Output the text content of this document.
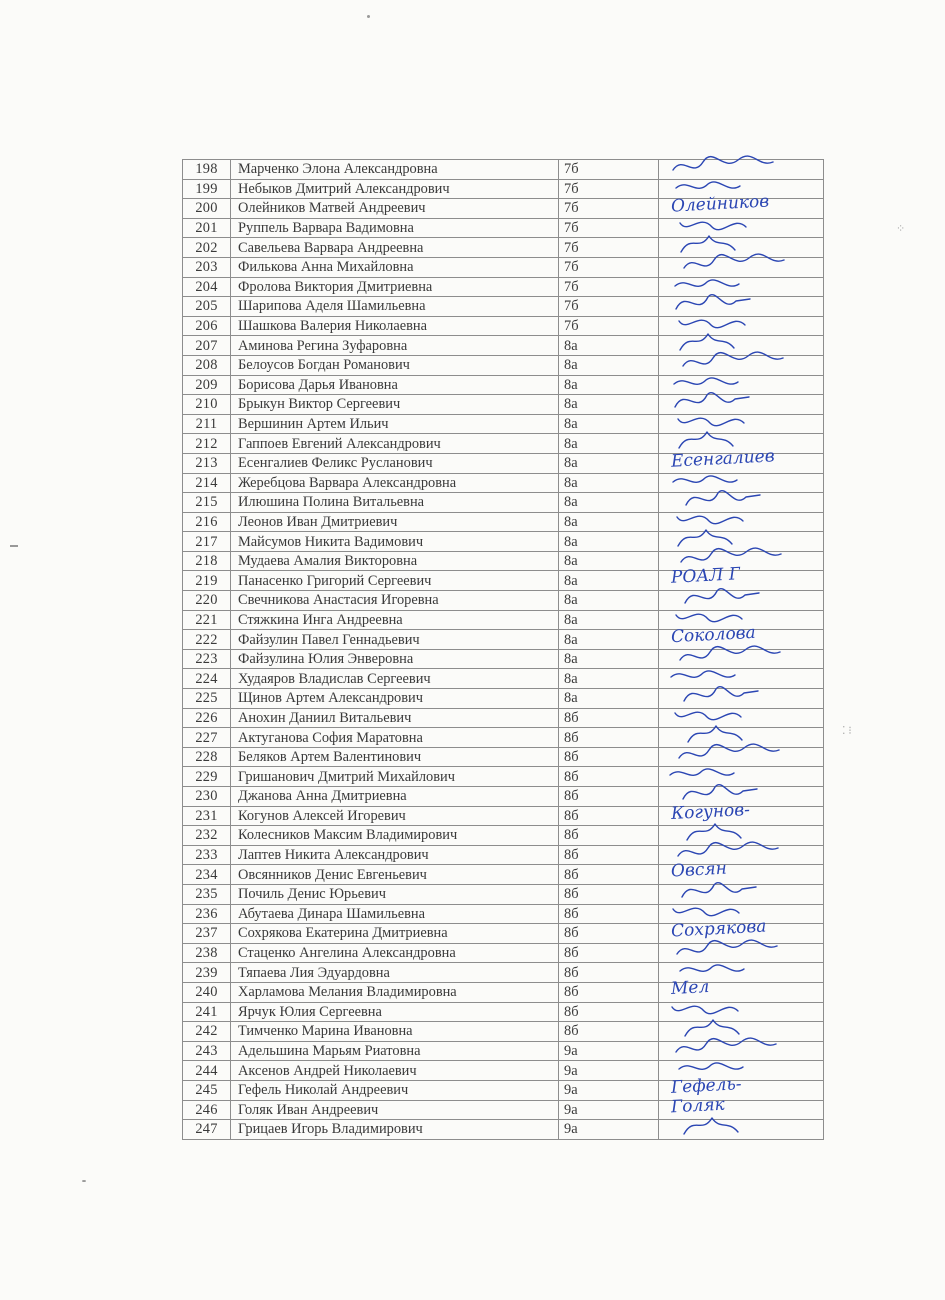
198	Марченко Элона Александровна	7б	

199	Небыков Дмитрий Александрович	7б	

200	Олейников Матвей Андреевич	7б	Олейников

201	Руппель Варвара Вадимовна	7б	

202	Савельева Варвара Андреевна	7б	

203	Филькова Анна Михайловна	7б	

204	Фролова Виктория Дмитриевна	7б	

205	Шарипова Аделя Шамильевна	7б	

206	Шашкова Валерия Николаевна	7б	

207	Аминова Регина Зуфаровна	8а	

208	Белоусов Богдан Романович	8а	

209	Борисова Дарья Ивановна	8а	

210	Брыкун Виктор Сергеевич	8а	

211	Вершинин Артем Ильич	8а	

212	Гаппоев Евгений Александрович	8а	

213	Есенгалиев Феликс Русланович	8а	Есенгалиев

214	Жеребцова Варвара Александровна	8а	

215	Илюшина Полина Витальевна	8а	

216	Леонов Иван Дмитриевич	8а	

217	Майсумов Никита Вадимович	8а	

218	Мудаева Амалия Викторовна	8а	

219	Панасенко Григорий Сергеевич	8а	РОАЛ Г

220	Свечникова Анастасия Игоревна	8а	

221	Стяжкина Инга Андреевна	8а	

222	Файзулин Павел Геннадьевич	8а	Соколова

223	Файзулина Юлия Энверовна	8а	

224	Худаяров Владислав Сергеевич	8а	

225	Щинов Артем Александрович	8а	

226	Анохин Даниил Витальевич	8б	

227	Актуганова София Маратовна	8б	

228	Беляков Артем Валентинович	8б	

229	Гришанович Дмитрий Михайлович	8б	

230	Джанова Анна Дмитриевна	8б	

231	Когунов Алексей Игоревич	8б	Когунов-

232	Колесников Максим Владимирович	8б	

233	Лаптев Никита Александрович	8б	

234	Овсянников Денис Евгеньевич	8б	Овсян

235	Почиль Денис Юрьевич	8б	

236	Абутаева Динара Шамильевна	8б	

237	Сохрякова Екатерина Дмитриевна	8б	Сохрякова

238	Стаценко Ангелина Александровна	8б	

239	Тяпаева Лия Эдуардовна	8б	

240	Харламова Мелания Владимировна	8б	Мел

241	Ярчук Юлия Сергеевна	8б	

242	Тимченко Марина Ивановна	8б	

243	Адельшина Марьям Риатовна	9а	

244	Аксенов Андрей Николаевич	9а	

245	Гефель Николай Андреевич	9а	Гефель-

246	Голяк Иван Андреевич	9а	Голяк

247	Грицаев Игорь Владимирович	9а	
⁘
⁚ ⁝
